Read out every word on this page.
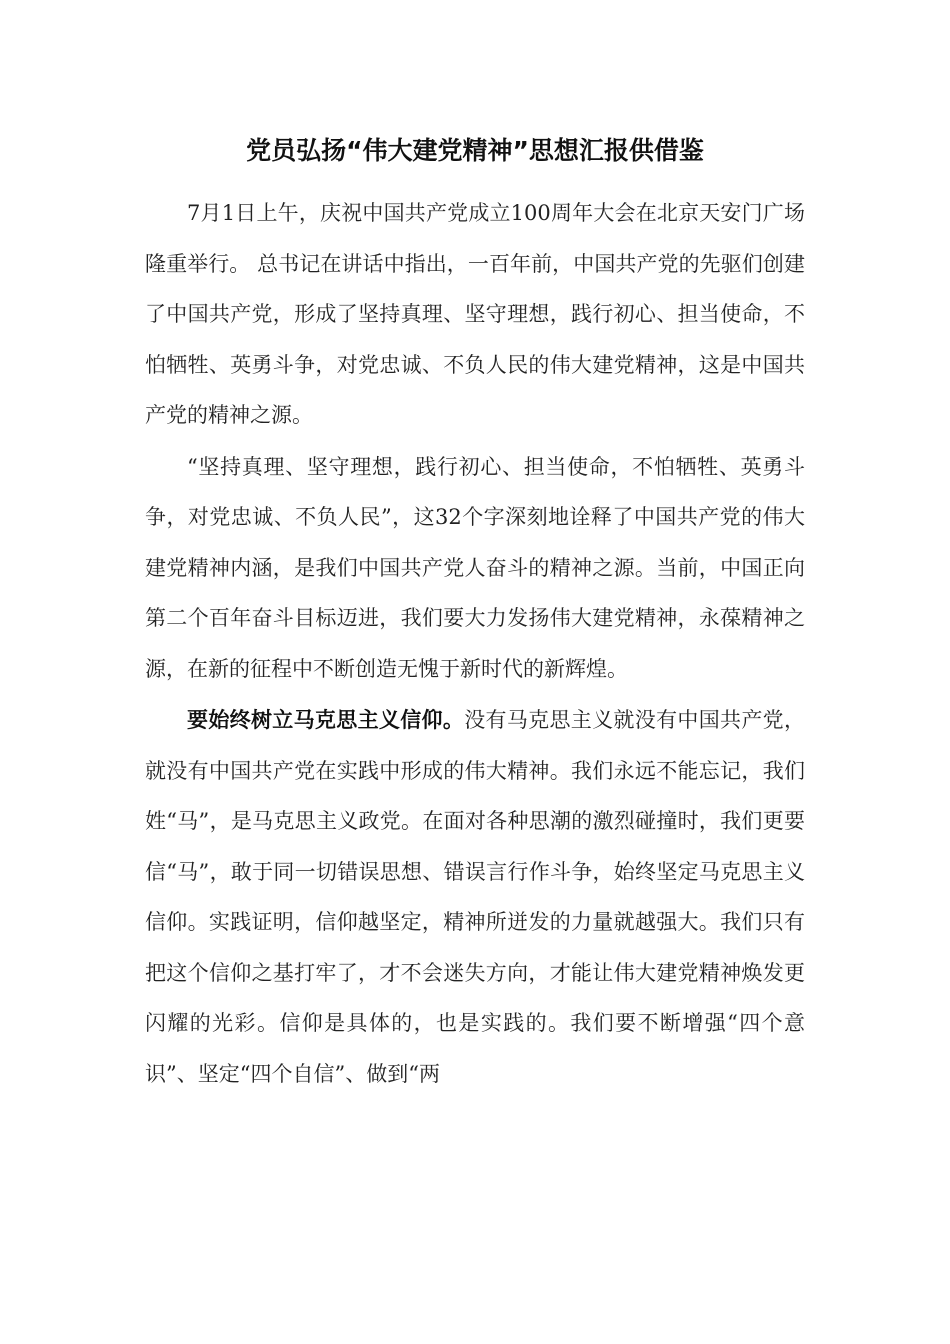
党员弘扬“伟大建党精神”思想汇报供借鉴

7月1日上午，庆祝中国共产党成立100周年大会在北京天安门广场隆重举行。 总书记在讲话中指出，一百年前，中国共产党的先驱们创建了中国共产党，形成了坚持真理、坚守理想，践行初心、担当使命，不怕牺牲、英勇斗争，对党忠诚、不负人民的伟大建党精神，这是中国共产党的精神之源。

“坚持真理、坚守理想，践行初心、担当使命，不怕牺牲、英勇斗争，对党忠诚、不负人民”，这32个字深刻地诠释了中国共产党的伟大建党精神内涵，是我们中国共产党人奋斗的精神之源。当前，中国正向第二个百年奋斗目标迈进，我们要大力发扬伟大建党精神，永葆精神之源，在新的征程中不断创造无愧于新时代的新辉煌。

要始终树立马克思主义信仰。没有马克思主义就没有中国共产党，就没有中国共产党在实践中形成的伟大精神。我们永远不能忘记，我们姓“马”，是马克思主义政党。在面对各种思潮的激烈碰撞时，我们更要信“马”，敢于同一切错误思想、错误言行作斗争，始终坚定马克思主义信仰。实践证明，信仰越坚定，精神所迸发的力量就越强大。我们只有把这个信仰之基打牢了，才不会迷失方向，才能让伟大建党精神焕发更闪耀的光彩。信仰是具体的，也是实践的。我们要不断增强“四个意识”、坚定“四个自信”、做到“两
